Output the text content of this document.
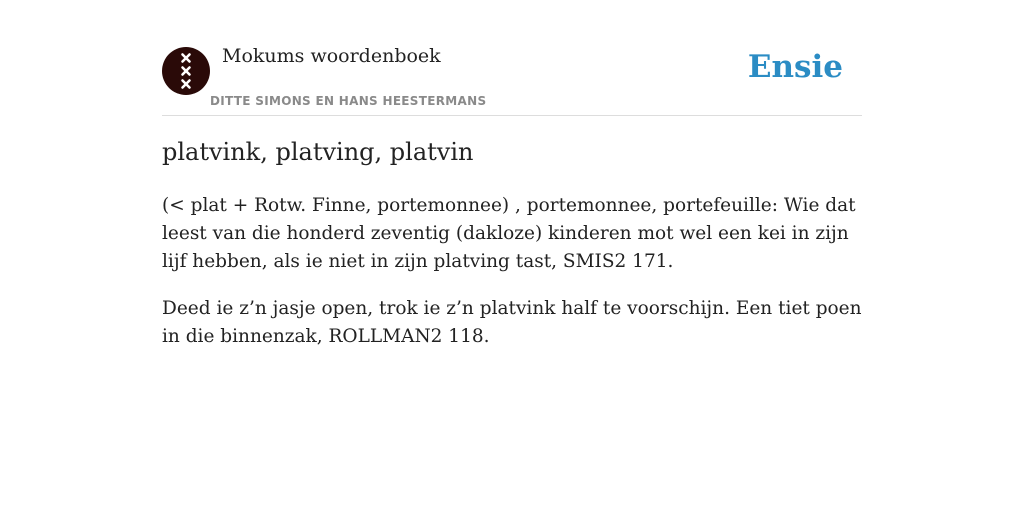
Mokums woordenboek
DITTE SIMONS EN HANS HEESTERMANS
Ensie
platvink, platving, platvin

(< plat + Rotw. Finne, portemonnee) , portemonnee, portefeuille: Wie dat leest van die honderd zeventig (dakloze) kinderen mot wel een kei in zijn lijf hebben, als ie niet in zijn platving tast, SMIS2 171.

Deed ie z’n jasje open, trok ie z’n platvink half te voorschijn. Een tiet poen in die binnenzak, ROLLMAN2 118.
